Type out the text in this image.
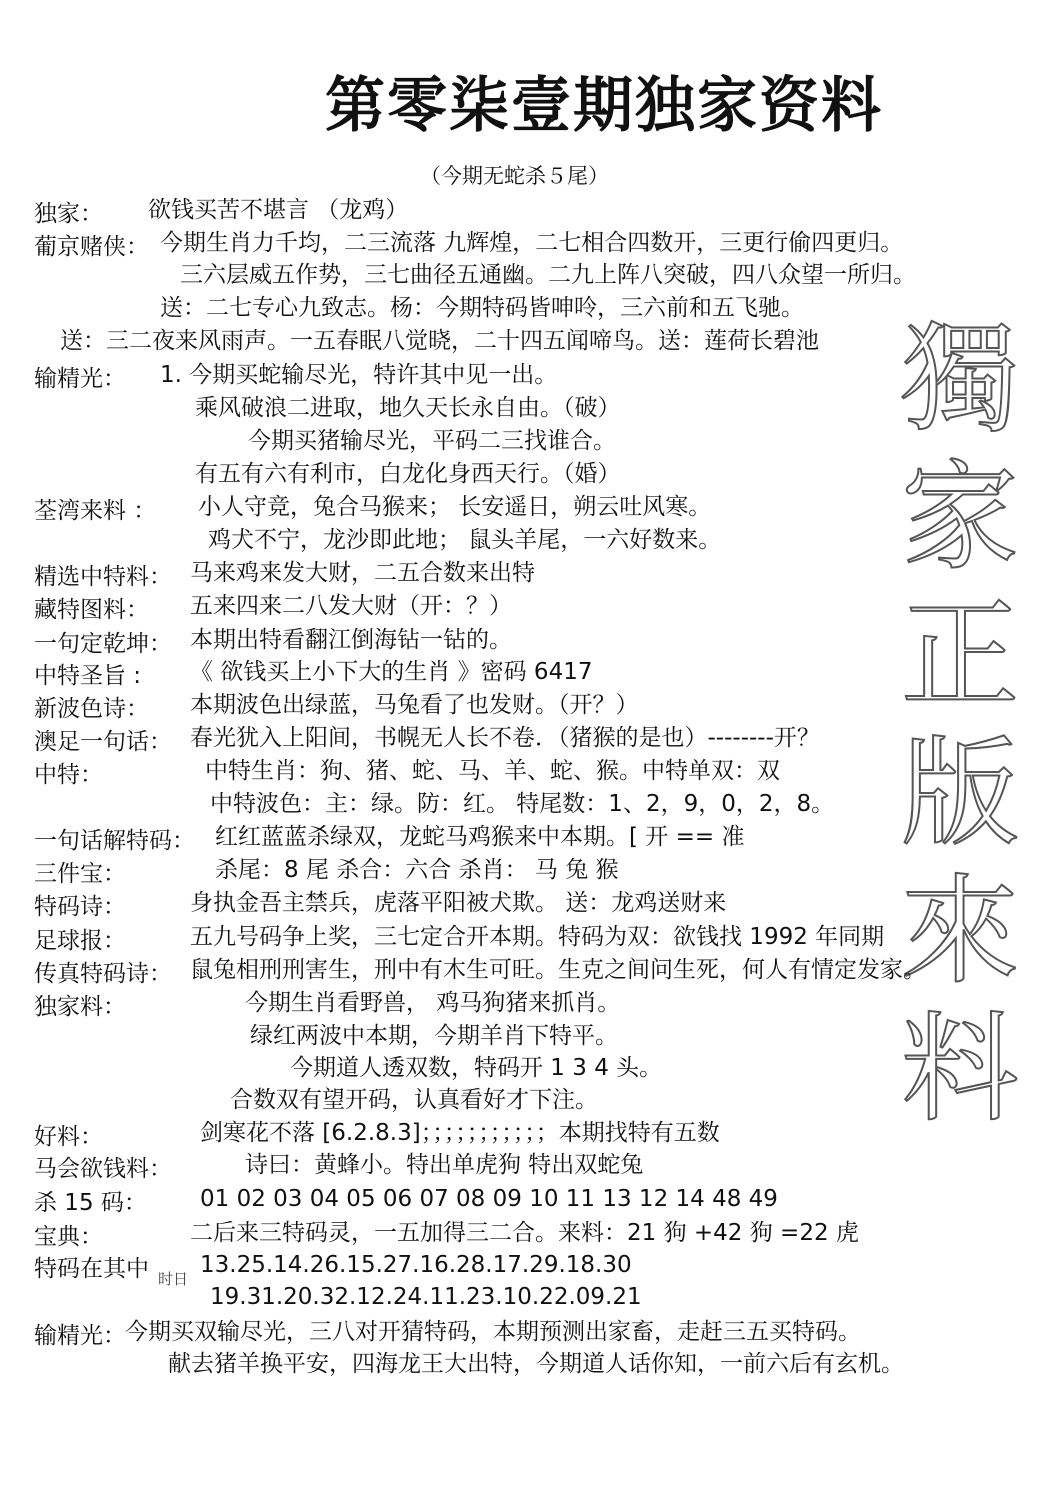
第零柒壹期独家资料
（今期无蛇杀５尾）
獨
家
正
版
來
料
独家： 欲钱买苦不堪言 （龙鸡）
葡京赌侠： 今期生肖力千均，二三流落 九辉煌，二七相合四数开，三更行偷四更归。
三六层威五作势，三七曲径五通幽。二九上阵八突破，四八众望一所归。
送：二七专心九致志。杨：今期特码皆呻呤，三六前和五飞驰。
送：三二夜来风雨声。一五春眠八觉晓，二十四五闻啼鸟。送：莲荷长碧池
输精光： 1. 今期买蛇输尽光，特许其中见一出。
乘风破浪二进取，地久天长永自由。（破）
今期买猪输尽光，平码二三找谁合。
有五有六有利市，白龙化身西天行。（婚）
荃湾来料 ： 小人守竞，兔合马猴来； 长安遥日，朔云吐风寒。
鸡犬不宁，龙沙即此地； 鼠头羊尾，一六好数来。
精选中特料： 马来鸡来发大财，二五合数来出特
藏特图料： 五来四来二八发大财（开：？）
一句定乾坤： 本期出特看翻江倒海钻一钻的。
中特圣旨 : 《 欲钱买上小下大的生肖 》密码 6417
新波色诗： 本期波色出绿蓝，马兔看了也发财。（开？）
澳足一句话： 春光犹入上阳间，书幌无人长不卷．（猪猴的是也）--------开？
中特：	中特生肖：狗、猪、蛇、马、羊、蛇、猴。中特单双：双
中特波色：主：绿。防：红。 特尾数：1、2，9，0，2，8。
一句话解特码： 红红蓝蓝杀绿双，龙蛇马鸡猴来中本期。[ 开 == 准
三件宝：	杀尾：8 尾 杀合：六合 杀肖： 马 兔 猴
特码诗：	身执金吾主禁兵，虎落平阳被犬欺。 送：龙鸡送财来
足球报：	五九号码争上奖，三七定合开本期。特码为双：欲钱找 1992 年同期
传真特码诗： 鼠兔相刑刑害生，刑中有木生可旺。生克之间问生死，何人有情定发家。
独家料：	今期生肖看野兽， 鸡马狗猪来抓肖。
绿红两波中本期，今期羊肖下特平。
今期道人透双数，特码开 1 3 4 头。
合数双有望开码，认真看好才下注。
好料：	剑寒花不落 [6.2.8.3]；；；；；；；；；；；本期找特有五数
马会欲钱料：	诗曰：黄蜂小。特出单虎狗 特出双蛇兔
杀 15 码： 01 02 03 04 05 06 07 08 09 10 11 13 12 14 48 49
宝典：	二后来三特码灵，一五加得三二合。来料：21 狗 +42 狗 =22 虎
特码在其中 13.25.14.26.15.27.16.28.17.29.18.30
19.31.20.32.12.24.11.23.10.22.09.21
输精光： 今期买双输尽光，三八对开猜特码，本期预测出家畜，走赶三五买特码。
献去猪羊换平安，四海龙王大出特，今期道人话你知，一前六后有玄机。
时日
